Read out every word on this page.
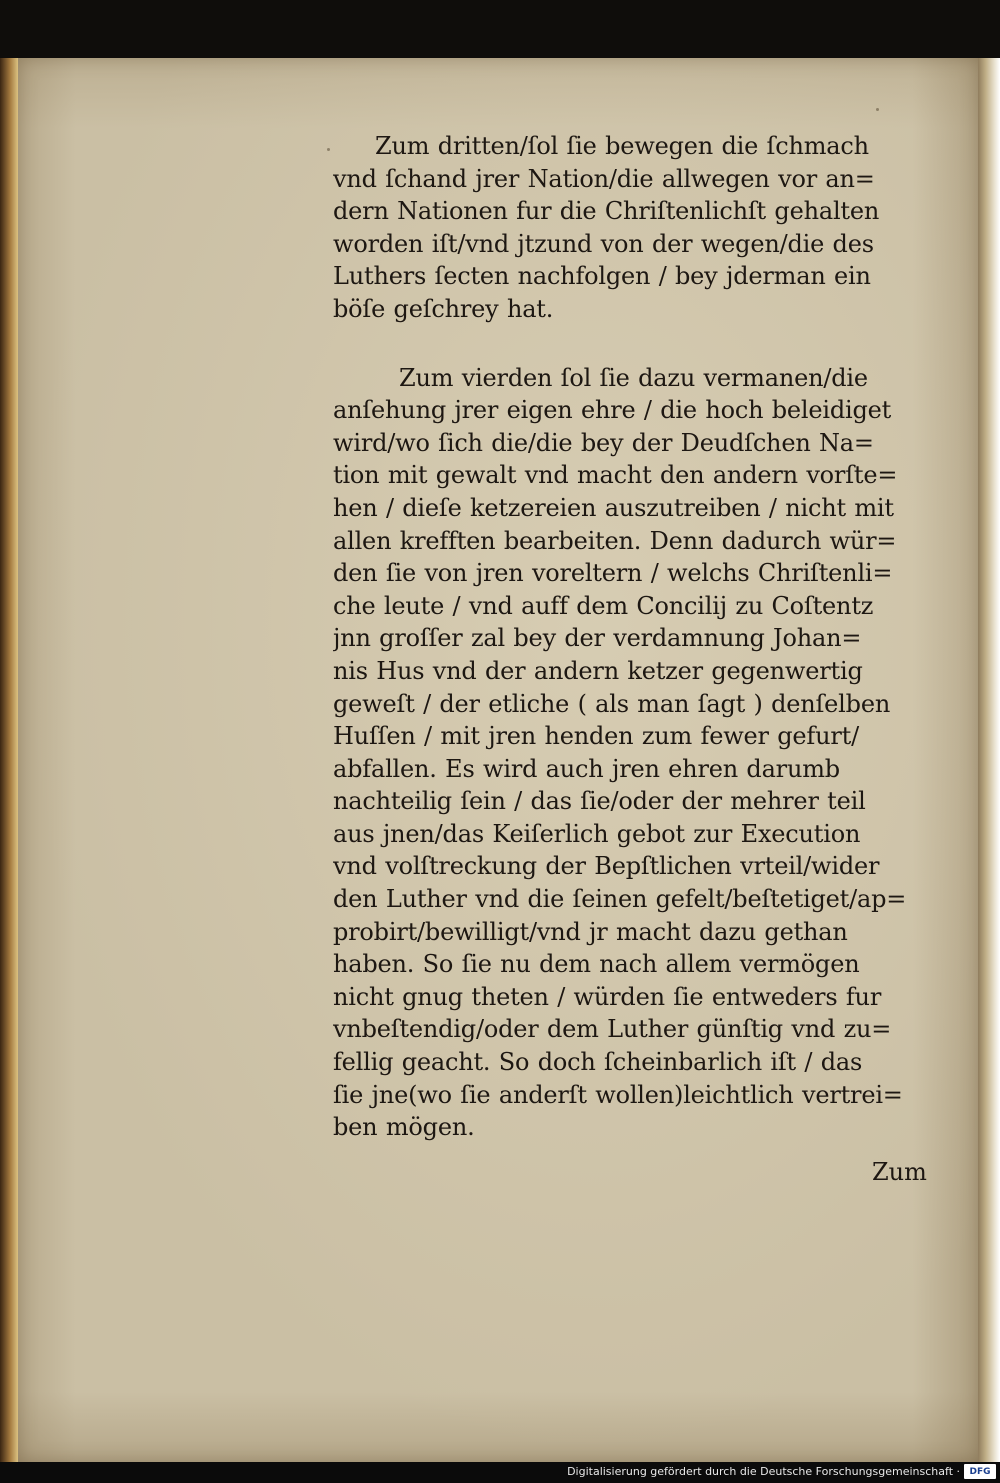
Zum dritten/ſol ſie bewegen die ſchmach
vnd ſchand jrer Nation/die allwegen vor an=
dern Nationen fur die Chriſtenlichſt gehalten
worden iſt/vnd jtzund von der wegen/die des
Luthers ſecten nachfolgen / bey jderman ein
böſe geſchrey hat.
Zum vierden ſol ſie dazu vermanen/die
anſehung jrer eigen ehre / die hoch beleidiget
wird/wo ſich die/die bey der Deudſchen Na=
tion mit gewalt vnd macht den andern vorſte=
hen / dieſe ketzereien auszutreiben / nicht mit
allen krefften bearbeiten. Denn dadurch wür=
den ſie von jren voreltern / welchs Chriſtenli=
che leute / vnd auff dem Concilij zu Coſtentz
jnn groſſer zal bey der verdamnung Johan=
nis Hus vnd der andern ketzer gegenwertig
geweſt / der etliche ( als man ſagt ) denſelben
Huſſen / mit jren henden zum fewer gefurt/
abfallen. Es wird auch jren ehren darumb
nachteilig ſein / das ſie/oder der mehrer teil
aus jnen/das Keiſerlich gebot zur Execution
vnd volſtreckung der Bepſtlichen vrteil/wider
den Luther vnd die ſeinen gefelt/beſtetiget/ap=
probirt/bewilligt/vnd jr macht dazu gethan
haben. So ſie nu dem nach allem vermögen
nicht gnug theten / würden ſie entweders fur
vnbeſtendig/oder dem Luther günſtig vnd zu=
fellig geacht. So doch ſcheinbarlich iſt / das
ſie jne(wo ſie anderſt wollen)leichtlich vertrei=
ben mögen.
Zum
Digitalisierung gefördert durch die Deutsche Forschungsgemeinschaft ·	DFG
